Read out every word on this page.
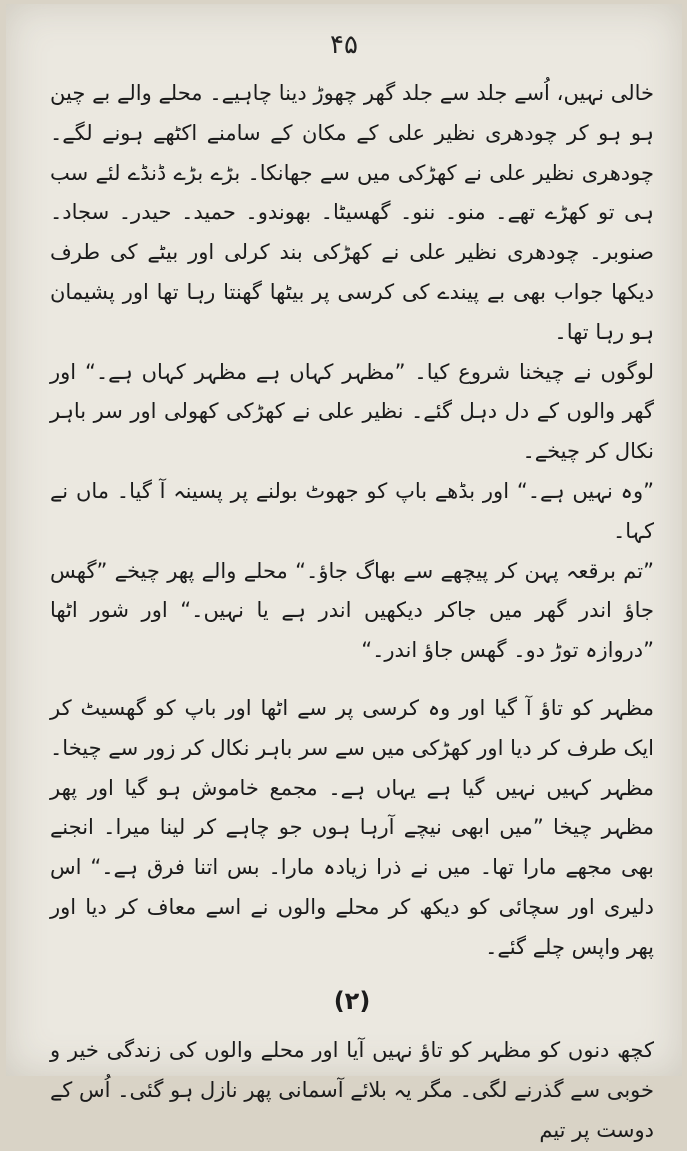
۴۵

خالی نہیں، اُسے جلد سے جلد گھر چھوڑ دینا چاہیے۔ محلے والے بے چین ہو ہو کر چودھری نظیر علی کے مکان کے سامنے اکٹھے ہونے لگے۔ چودھری نظیر علی نے کھڑکی میں سے جھانکا۔ بڑے بڑے ڈنڈے لئے سب ہی تو کھڑے تھے۔ منو۔ ننو۔ گھسیٹا۔ بھوندو۔ حمید۔ حیدر۔ سجاد۔ صنوبر۔ چودھری نظیر علی نے کھڑکی بند کرلی اور بیٹے کی طرف دیکھا جواب بھی بے پیندے کی کرسی پر بیٹھا گھنتا رہا تھا اور پشیمان ہو رہا تھا۔

لوگوں نے چیخنا شروع کیا۔ ”مظہر کہاں ہے مظہر کہاں ہے۔“ اور گھر والوں کے دل دہل گئے۔ نظیر علی نے کھڑکی کھولی اور سر باہر نکال کر چیخے۔

”وہ نہیں ہے۔“ اور بڈھے باپ کو جھوٹ بولنے پر پسینہ آ گیا۔ ماں نے کہا۔

”تم برقعہ پہن کر پیچھے سے بھاگ جاؤ۔“ محلے والے پھر چیخے ”گھس جاؤ اندر گھر میں جاکر دیکھیں اندر ہے یا نہیں۔“ اور شور اٹھا ”دروازہ توڑ دو۔ گھس جاؤ اندر۔“

مظہر کو تاؤ آ گیا اور وہ کرسی پر سے اٹھا اور باپ کو گھسیٹ کر ایک طرف کر دیا اور کھڑکی میں سے سر باہر نکال کر زور سے چیخا۔ مظہر کہیں نہیں گیا ہے یہاں ہے۔ مجمع خاموش ہو گیا اور پھر مظہر چیخا ”میں ابھی نیچے آرہا ہوں جو چاہے کر لینا میرا۔ انجنے بھی مجھے مارا تھا۔ میں نے ذرا زیادہ مارا۔ بس اتنا فرق ہے۔“ اس دلیری اور سچائی کو دیکھ کر محلے والوں نے اسے معاف کر دیا اور پھر واپس چلے گئے۔

(۲)

کچھ دنوں کو مظہر کو تاؤ نہیں آیا اور محلے والوں کی زندگی خیر و خوبی سے گذرنے لگی۔ مگر یہ بلائے آسمانی پھر نازل ہو گئی۔ اُس کے دوست پر تیم
